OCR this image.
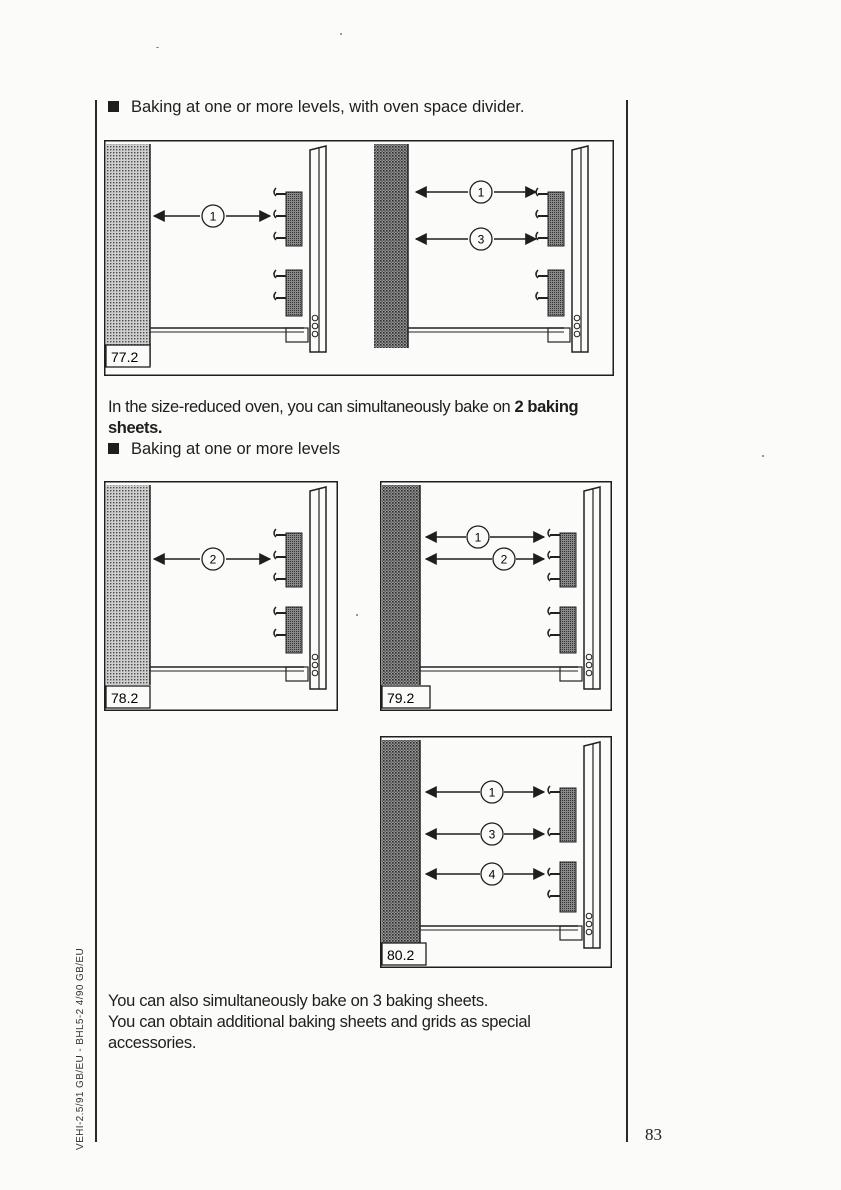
Baking at one or more levels, with oven space divider.
1
77.2
1
3
In the size-reduced oven, you can simultaneously bake on 2 baking sheets.
Baking at one or more levels
2
78.2
1
2
79.2
1
3
4
80.2
You can also simultaneously bake on 3 baking sheets.
You can obtain additional baking sheets and grids as special accessories.
VEHI-2.5/91 GB/EU - BHL5-2 4/90 GB/EU	83
